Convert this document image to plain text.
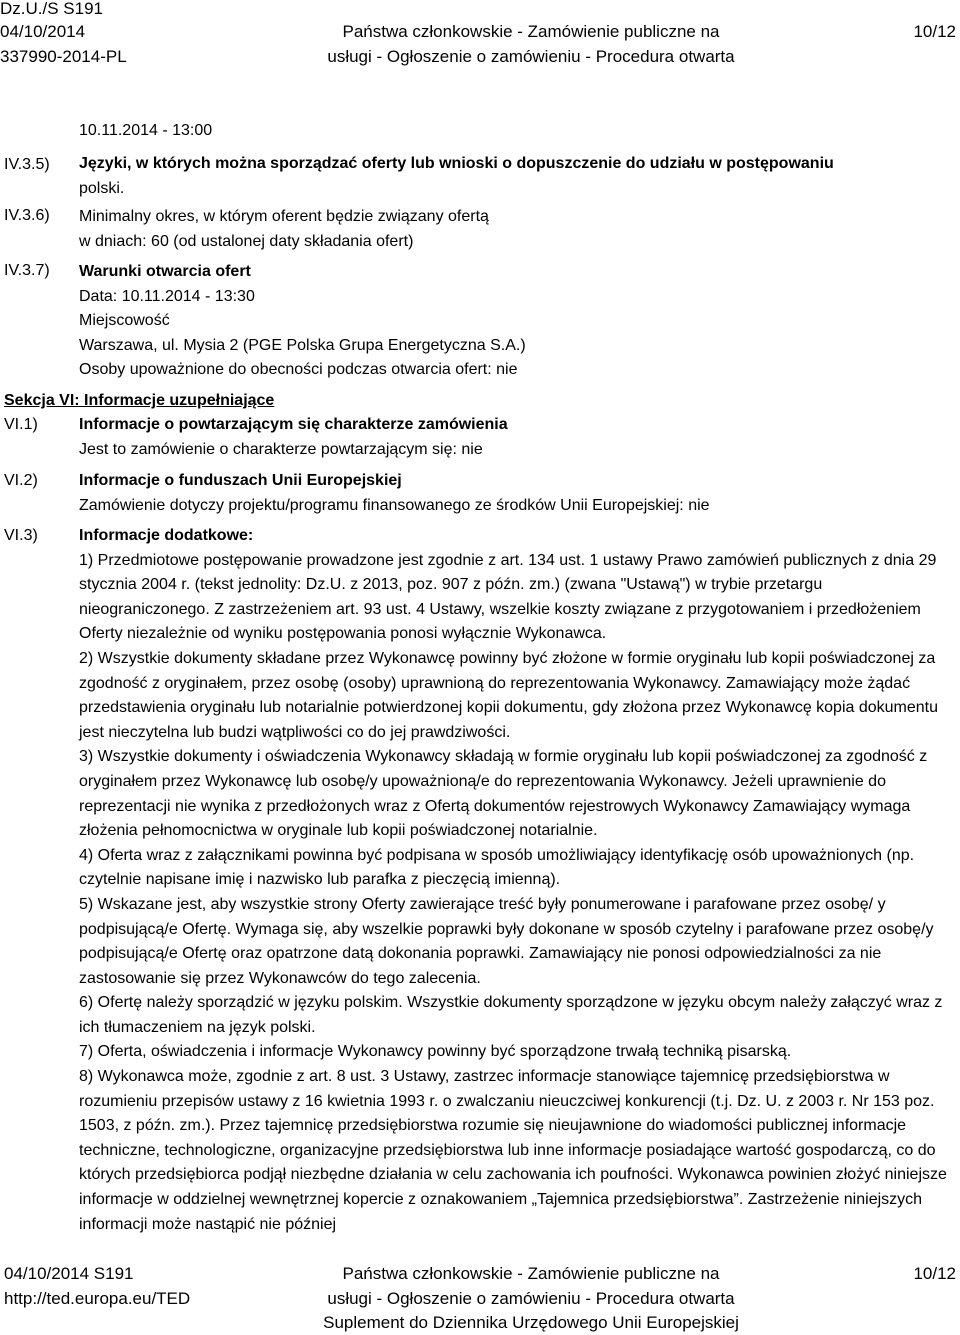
Dz.U./S S191
04/10/2014
337990-2014-PL
Państwa członkowskie - Zamówienie publiczne na
usługi - Ogłoszenie o zamówieniu - Procedura otwarta
10/12
10.11.2014 - 13:00
IV.3.5) Języki, w których można sporządzać oferty lub wnioski o dopuszczenie do udziału w postępowaniu
polski.
IV.3.6) Minimalny okres, w którym oferent będzie związany ofertą
w dniach: 60 (od ustalonej daty składania ofert)
IV.3.7) Warunki otwarcia ofert
Data: 10.11.2014 - 13:30
Miejscowość
Warszawa, ul. Mysia 2 (PGE Polska Grupa Energetyczna S.A.)
Osoby upoważnione do obecności podczas otwarcia ofert: nie
Sekcja VI: Informacje uzupełniające
VI.1)	Informacje o powtarzającym się charakterze zamówienia
Jest to zamówienie o charakterze powtarzającym się: nie
VI.2)	Informacje o funduszach Unii Europejskiej
Zamówienie dotyczy projektu/programu finansowanego ze środków Unii Europejskiej: nie
VI.3)	Informacje dodatkowe:

1) Przedmiotowe postępowanie prowadzone jest zgodnie z art. 134 ust. 1 ustawy Prawo zamówień publicznych z dnia 29 stycznia 2004 r. (tekst jednolity: Dz.U. z 2013, poz. 907 z późn. zm.) (zwana "Ustawą") w trybie przetargu nieograniczonego. Z zastrzeżeniem art. 93 ust. 4 Ustawy, wszelkie koszty związane z przygotowaniem i przedłożeniem Oferty niezależnie od wyniku postępowania ponosi wyłącznie Wykonawca.

2) Wszystkie dokumenty składane przez Wykonawcę powinny być złożone w formie oryginału lub kopii poświadczonej za zgodność z oryginałem, przez osobę (osoby) uprawnioną do reprezentowania Wykonawcy. Zamawiający może żądać przedstawienia oryginału lub notarialnie potwierdzonej kopii dokumentu, gdy złożona przez Wykonawcę kopia dokumentu jest nieczytelna lub budzi wątpliwości co do jej prawdziwości.

3) Wszystkie dokumenty i oświadczenia Wykonawcy składają w formie oryginału lub kopii poświadczonej za zgodność z oryginałem przez Wykonawcę lub osobę/y upoważnioną/e do reprezentowania Wykonawcy. Jeżeli uprawnienie do reprezentacji nie wynika z przedłożonych wraz z Ofertą dokumentów rejestrowych Wykonawcy Zamawiający wymaga złożenia pełnomocnictwa w oryginale lub kopii poświadczonej notarialnie.

4) Oferta wraz z załącznikami powinna być podpisana w sposób umożliwiający identyfikację osób upoważnionych (np. czytelnie napisane imię i nazwisko lub parafka z pieczęcią imienną).

5) Wskazane jest, aby wszystkie strony Oferty zawierające treść były ponumerowane i parafowane przez osobę/ y podpisującą/e Ofertę. Wymaga się, aby wszelkie poprawki były dokonane w sposób czytelny i parafowane przez osobę/y podpisującą/e Ofertę oraz opatrzone datą dokonania poprawki. Zamawiający nie ponosi odpowiedzialności za nie zastosowanie się przez Wykonawców do tego zalecenia.

6) Ofertę należy sporządzić w języku polskim. Wszystkie dokumenty sporządzone w języku obcym należy załączyć wraz z ich tłumaczeniem na język polski.

7) Oferta, oświadczenia i informacje Wykonawcy powinny być sporządzone trwałą techniką pisarską.

8) Wykonawca może, zgodnie z art. 8 ust. 3 Ustawy, zastrzec informacje stanowiące tajemnicę przedsiębiorstwa w rozumieniu przepisów ustawy z 16 kwietnia 1993 r. o zwalczaniu nieuczciwej konkurencji (t.j. Dz. U. z 2003 r. Nr 153 poz. 1503, z późn. zm.). Przez tajemnicę przedsiębiorstwa rozumie się nieujawnione do wiadomości publicznej informacje techniczne, technologiczne, organizacyjne przedsiębiorstwa lub inne informacje posiadające wartość gospodarczą, co do których przedsiębiorca podjął niezbędne działania w celu zachowania ich poufności. Wykonawca powinien złożyć niniejsze informacje w oddzielnej wewnętrznej kopercie z oznakowaniem „Tajemnica przedsiębiorstwa”. Zastrzeżenie niniejszych informacji może nastąpić nie później

04/10/2014 S191
http://ted.europa.eu/TED
Państwa członkowskie - Zamówienie publiczne na
usługi - Ogłoszenie o zamówieniu - Procedura otwarta
Suplement do Dziennika Urzędowego Unii Europejskiej
10/12
